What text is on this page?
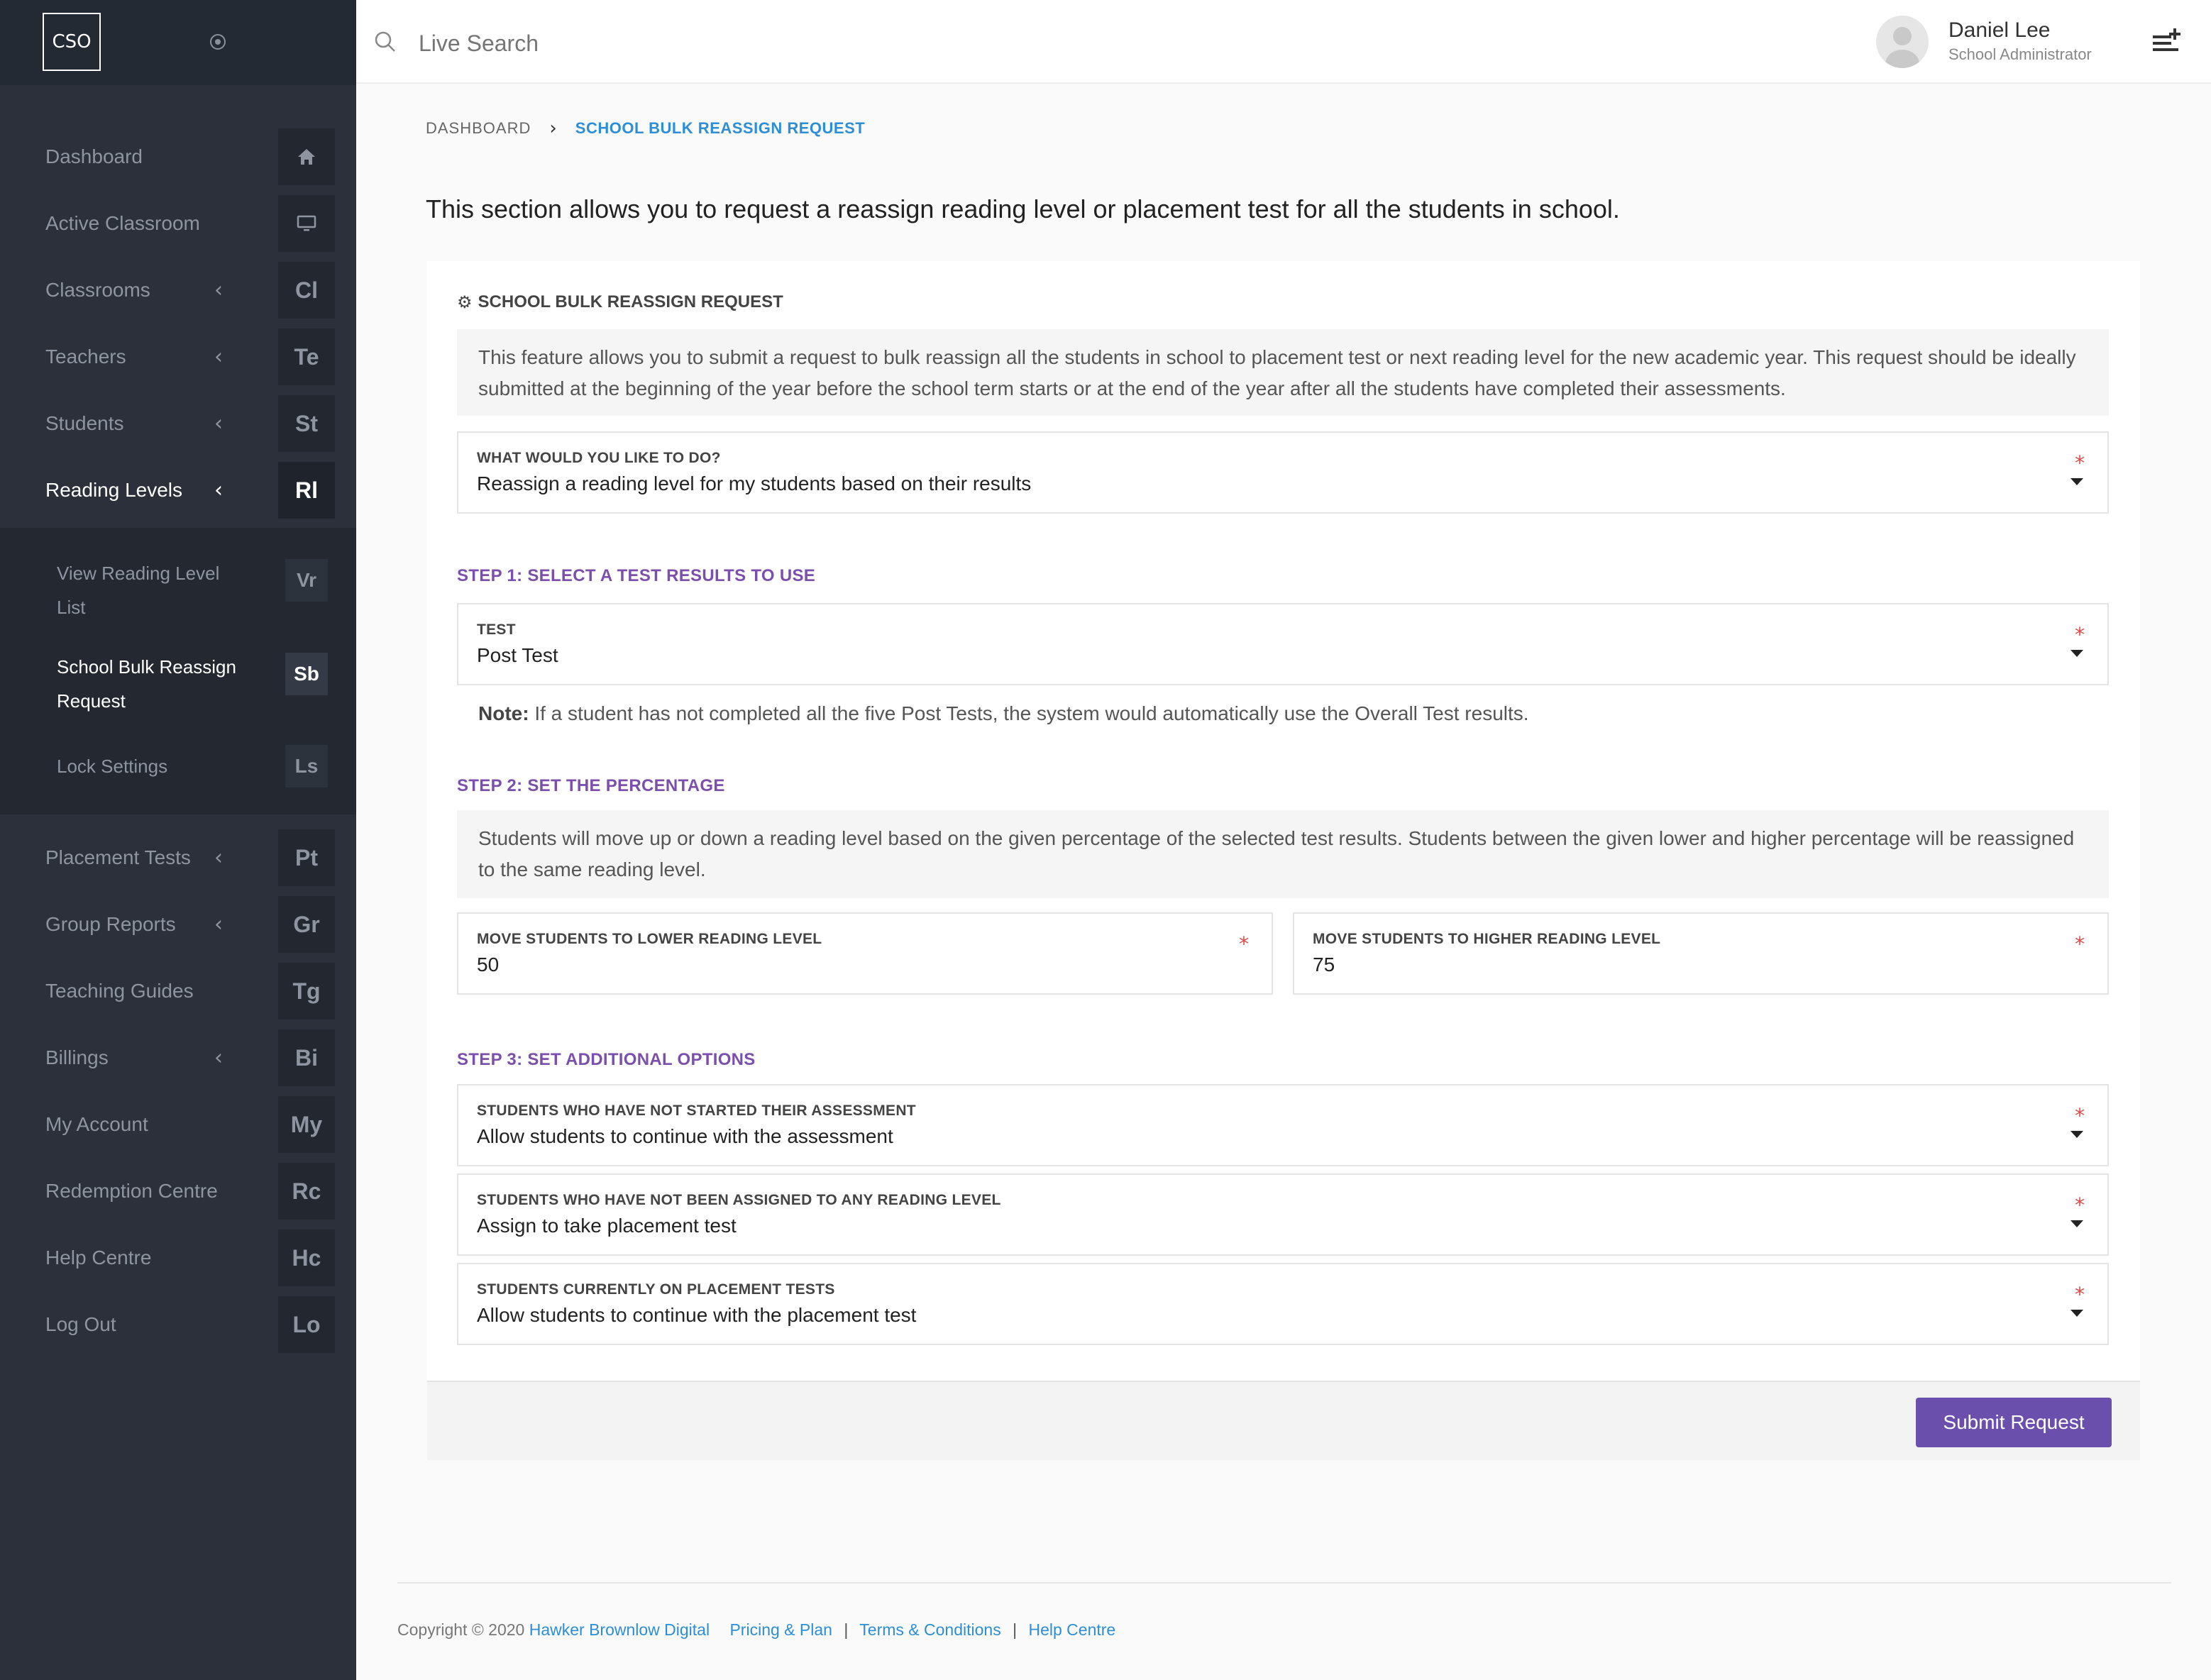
CSO
Dashboard
Active Classroom
Classrooms	‹	Cl
Teachers	‹	Te
Students	‹	St
Reading Levels ‹	Rl
View Reading Level List
Vr
School Bulk Reassign Request
Sb
Lock Settings	Ls
Placement Tests ‹	Pt
Group Reports ‹	Gr
Teaching Guides	Tg
Billings	‹	Bi
My Account	My
Redemption Centre	Rc
Help Centre	Hc
Log Out	Lo
Live Search
Daniel Lee
School Administrator
DASHBOARD › SCHOOL BULK REASSIGN REQUEST
This section allows you to request a reassign reading level or placement test for all the students in school.
⚙ SCHOOL BULK REASSIGN REQUEST
This feature allows you to submit a request to bulk reassign all the students in school to placement test or next reading level for the new academic year. This request should be ideally submitted at the beginning of the year before the school term starts or at the end of the year after all the students have completed their assessments.
WHAT WOULD YOU LIKE TO DO?
Reassign a reading level for my students based on their results
*
STEP 1: SELECT A TEST RESULTS TO USE
TEST
Post Test
*
Note: If a student has not completed all the five Post Tests, the system would automatically use the Overall Test results.
STEP 2: SET THE PERCENTAGE
Students will move up or down a reading level based on the given percentage of the selected test results. Students between the given lower and higher percentage will be reassigned to the same reading level.
MOVE STUDENTS TO LOWER READING LEVEL
50
*	MOVE STUDENTS TO HIGHER READING LEVEL
75
*
STEP 3: SET ADDITIONAL OPTIONS
STUDENTS WHO HAVE NOT STARTED THEIR ASSESSMENT
Allow students to continue with the assessment
*
STUDENTS WHO HAVE NOT BEEN ASSIGNED TO ANY READING LEVEL
Assign to take placement test
*
STUDENTS CURRENTLY ON PLACEMENT TESTS
Allow students to continue with the placement test
*
Submit Request
Copyright © 2020 Hawker Brownlow Digital Pricing & Plan | Terms & Conditions | Help Centre
